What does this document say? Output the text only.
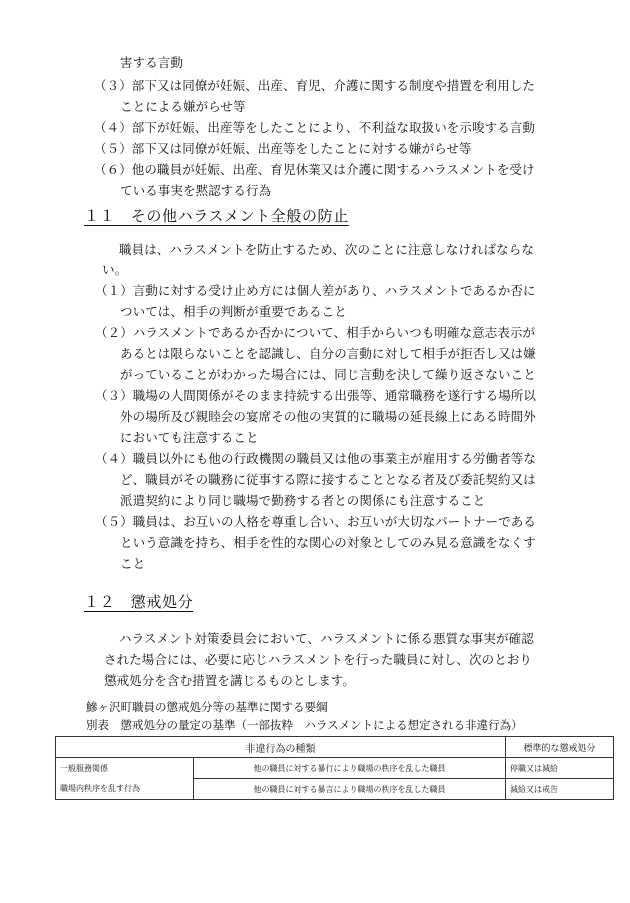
害する言動
（３）部下又は同僚が妊娠、出産、育児、介護に関する制度や措置を利用した
ことによる嫌がらせ等
（４）部下が妊娠、出産等をしたことにより、不利益な取扱いを示唆する言動
（５）部下又は同僚が妊娠、出産等をしたことに対する嫌がらせ等
（６）他の職員が妊娠、出産、育児休業又は介護に関するハラスメントを受け
ている事実を黙認する行為
１１　その他ハラスメント全般の防止
職員は、ハラスメントを防止するため、次のことに注意しなければならな
い。
（１）言動に対する受け止め方には個人差があり、ハラスメントであるか否に
ついては、相手の判断が重要であること
（２）ハラスメントであるか否かについて、相手からいつも明確な意志表示が
あるとは限らないことを認識し、自分の言動に対して相手が拒否し又は嫌
がっていることがわかった場合には、同じ言動を決して繰り返さないこと
（３）職場の人間関係がそのまま持続する出張等、通常職務を遂行する場所以
外の場所及び親睦会の宴席その他の実質的に職場の延長線上にある時間外
においても注意すること
（４）職員以外にも他の行政機関の職員又は他の事業主が雇用する労働者等な
ど、職員がその職務に従事する際に接することとなる者及び委託契約又は
派遣契約により同じ職場で勤務する者との関係にも注意すること
（５）職員は、お互いの人格を尊重し合い、お互いが大切なパートナーである
という意識を持ち、相手を性的な関心の対象としてのみ見る意識をなくす
こと
１２　懲戒処分
ハラスメント対策委員会において、ハラスメントに係る悪質な事実が確認
された場合には、必要に応じハラスメントを行った職員に対し、次のとおり
懲戒処分を含む措置を講じるものとします。
鰺ヶ沢町職員の懲戒処分等の基準に関する要綱
別表　懲戒処分の量定の基準（一部抜粋　ハラスメントによる想定される非違行為）
非違行為の種類		標準的な懲戒処分
一般服務関係	他の職員に対する暴行により職場の秩序を乱した職員	停職又は減給
職場内秩序を乱す行為	他の職員に対する暴言により職場の秩序を乱した職員	減給又は戒告
